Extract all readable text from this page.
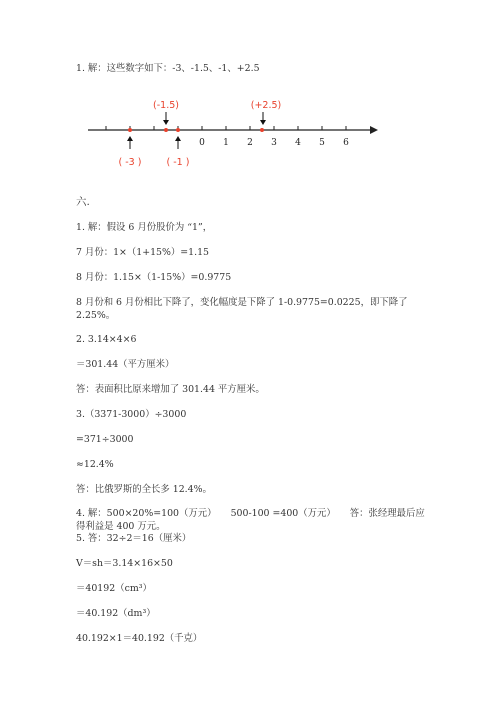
1. 解：这些数字如下：-3、-1.5、-1、+2.5

0 1 2 3 4 5 6
(-1.5)	(+2.5)
( -3 )	( -1 )

六.

1. 解：假设 6 月份股价为 “1”，

7 月份：1×（1+15%）=1.15

8 月份：1.15×（1-15%）=0.9775

8 月份和 6 月份相比下降了，变化幅度是下降了 1-0.9775=0.0225，即下降了 2.25%。

2. 3.14×4×6

＝301.44（平方厘米）

答：表面积比原来增加了 301.44 平方厘米。

3.（3371-3000）÷3000

=371÷3000

≈12.4%

答：比俄罗斯的全长多 12.4%。

4. 解：500×20%=100（万元）　　500-100 =400（万元）　　答：张经理最后应得利益是 400 万元。

5. 答：32÷2＝16（厘米）

V＝sh＝3.14×16×50

＝40192（cm³）

＝40.192（dm³）

40.192×1＝40.192（千克）
